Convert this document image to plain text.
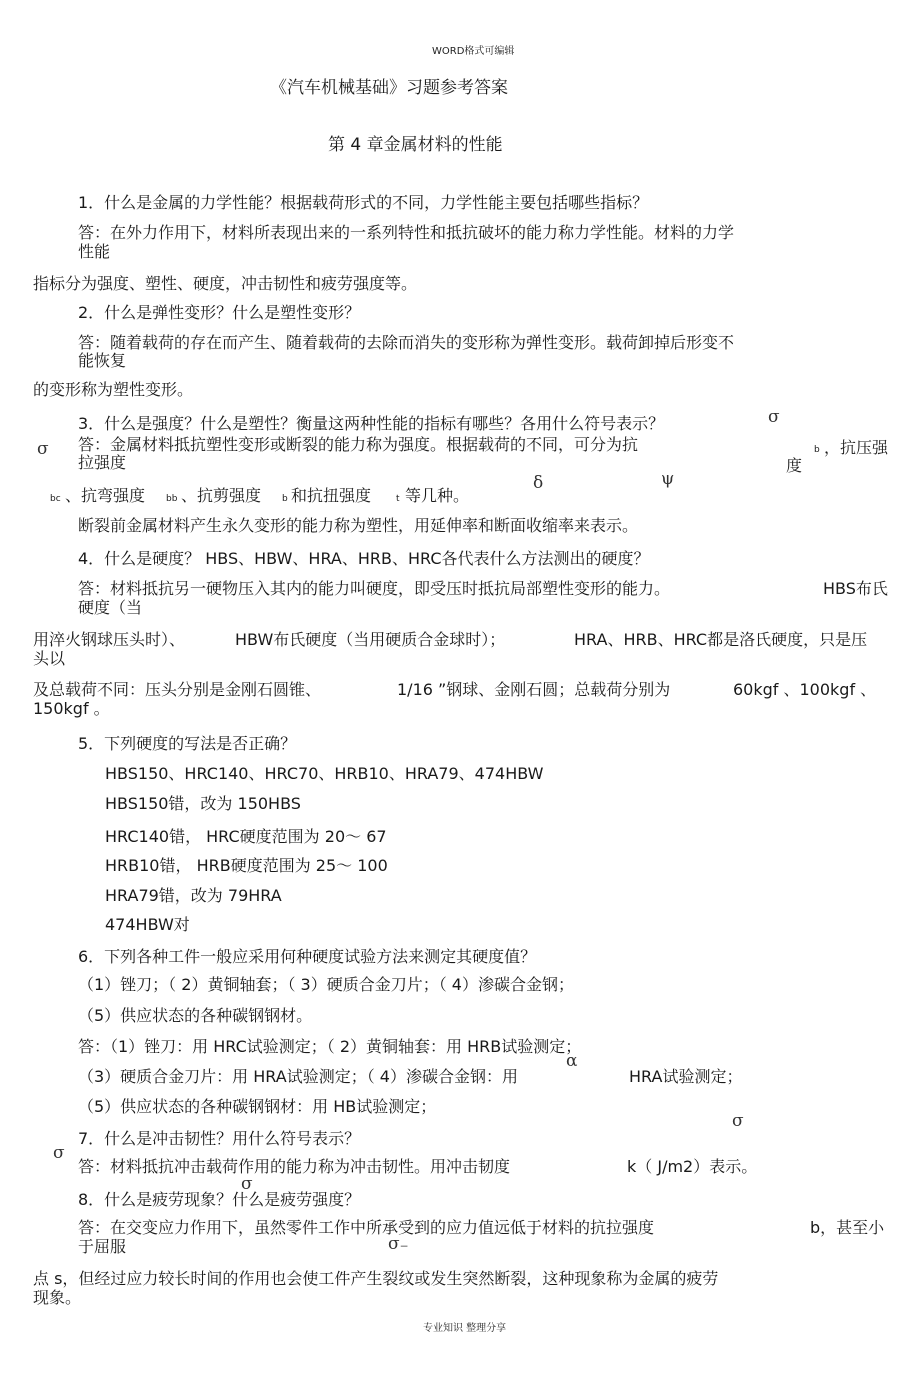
WORD格式可编辑
《汽车机械基础》习题参考答案
第 4 章金属材料的性能
1．什么是金属的力学性能？根据载荷形式的不同，力学性能主要包括哪些指标？
答：在外力作用下，材料所表现出来的一系列特性和抵抗破坏的能力称力学性能。材料的力学
性能
指标分为强度、塑性、硬度，冲击韧性和疲劳强度等。
2．什么是弹性变形？什么是塑性变形？
答：随着载荷的存在而产生、随着载荷的去除而消失的变形称为弹性变形。载荷卸掉后形变不
能恢复
的变形称为塑性变形。
3．什么是强度？什么是塑性？衡量这两种性能的指标有哪些？各用什么符号表示？	σ
σ 答：金属材料抵抗塑性变形或断裂的能力称为强度。根据载荷的不同，可分为抗
拉强度
b ，抗压强
度
δ	ψ
bc 、抗弯强度 bb 、抗剪强度 b 和抗扭强度	t 等几种。
断裂前金属材料产生永久变形的能力称为塑性，用延伸率和断面收缩率来表示。
4．什么是硬度？ HBS、HBW、HRA、HRB、HRC各代表什么方法测出的硬度？
答：材料抵抗另一硬物压入其内的能力叫硬度，即受压时抵抗局部塑性变形的能力。	HBS布氏
硬度（当
用淬火钢球压头时）、	HBW布氏硬度（当用硬质合金球时）；	HRA、HRB、HRC都是洛氏硬度，只是压
头以
及总载荷不同：压头分别是金刚石圆锥、	1/16 ”钢球、金刚石圆；总载荷分别为	60kgf 、100kgf 、
150kgf 。
5．下列硬度的写法是否正确？
HBS150、HRC140、HRC70、HRB10、HRA79、474HBW
HBS150错，改为 150HBS
HRC140错， HRC硬度范围为 20～ 67
HRB10错， HRB硬度范围为 25～ 100
HRA79错，改为 79HRA
474HBW对
6．下列各种工件一般应采用何种硬度试验方法来测定其硬度值？
（1）锉刀；（ 2）黄铜轴套；（ 3）硬质合金刀片；（ 4）渗碳合金钢；
（5）供应状态的各种碳钢钢材。
答：（1）锉刀：用 HRC试验测定；（ 2）黄铜轴套：用 HRB试验测定；
α
（3）硬质合金刀片：用 HRA试验测定；（ 4）渗碳合金钢：用	HRA试验测定；
（5）供应状态的各种碳钢钢材：用 HB试验测定；
σ
7．什么是冲击韧性？用什么符号表示？
σ
答：材料抵抗冲击载荷作用的能力称为冲击韧性。用冲击韧度	k（ J/m2）表示。
σ
8．什么是疲劳现象？什么是疲劳强度？
答：在交变应力作用下，虽然零件工作中所承受到的应力值远低于材料的抗拉强度	b，甚至小
于屈服	σ₋
点 s，但经过应力较长时间的作用也会使工件产生裂纹或发生突然断裂，这种现象称为金属的疲劳
现象。
专业知识 整理分享
